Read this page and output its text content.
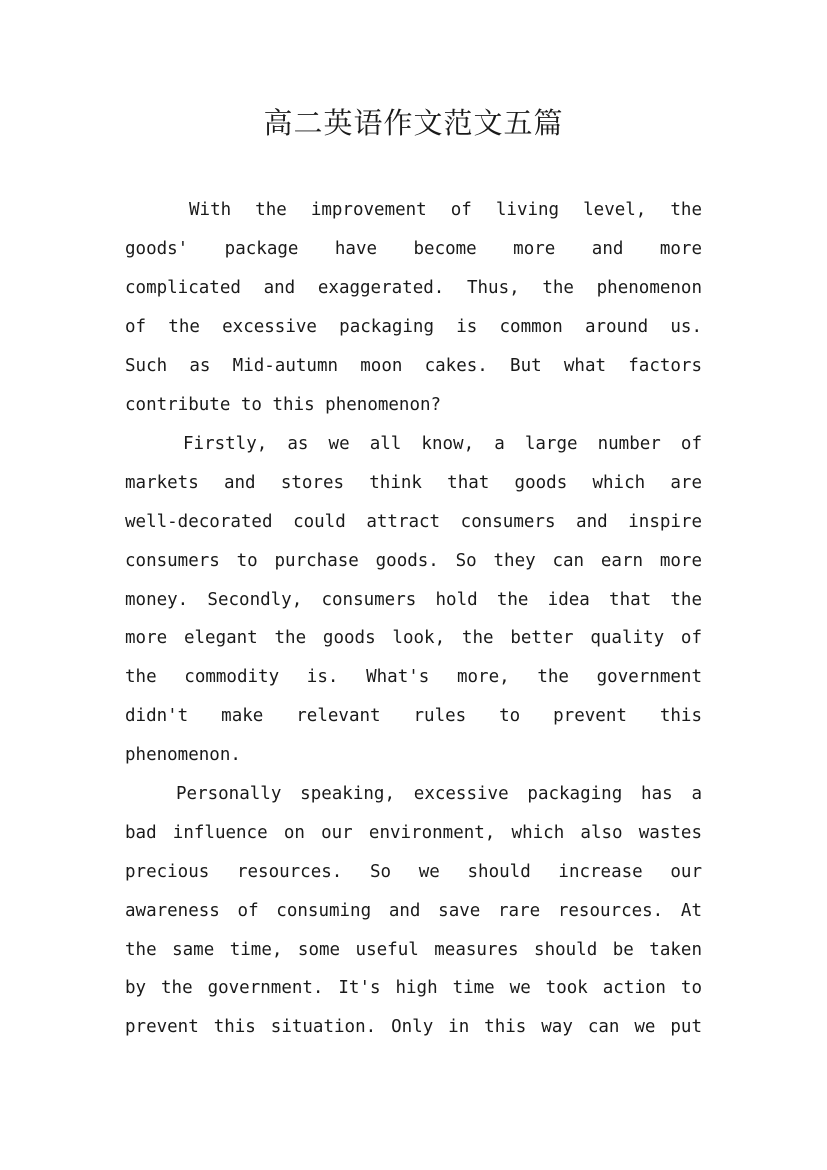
高二英语作文范文五篇

With the improvement of living level, the

goods' package have become more and more

complicated and exaggerated. Thus, the phenomenon

of the excessive packaging is common around us.

Such as Mid-autumn moon cakes. But what factors

contribute to this phenomenon?

Firstly, as we all know, a large number of

markets and stores think that goods which are

well-decorated could attract consumers and inspire

consumers to purchase goods. So they can earn more

money. Secondly, consumers hold the idea that the

more elegant the goods look, the better quality of

the commodity is. What's more, the government

didn't make relevant rules to prevent this

phenomenon.

Personally speaking, excessive packaging has a

bad influence on our environment, which also wastes

precious resources. So we should increase our

awareness of consuming and save rare resources. At

the same time, some useful measures should be taken

by the government. It's high time we took action to

prevent this situation. Only in this way can we put
